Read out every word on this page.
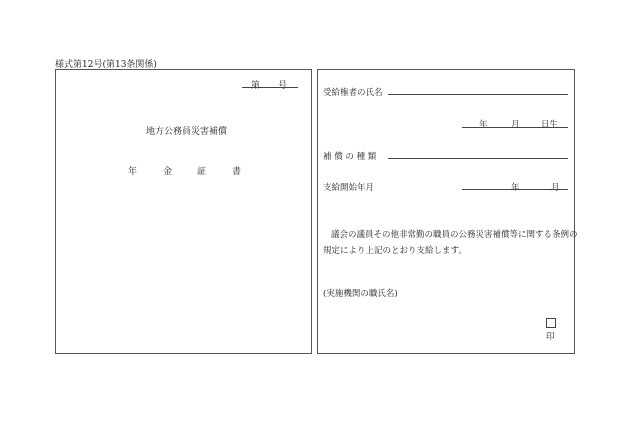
様式第12号(第13条関係)
第　　号
地方公務員災害補償
年	金	証	書
受給権者の氏名
年	月	日生
補 償 の 種 類
支給開始年月	年	月
議会の議員その他非常勤の職員の公務災害補償等に関する条例の
規定により上記のとおり支給します。
(実施機関の職氏名)
印
